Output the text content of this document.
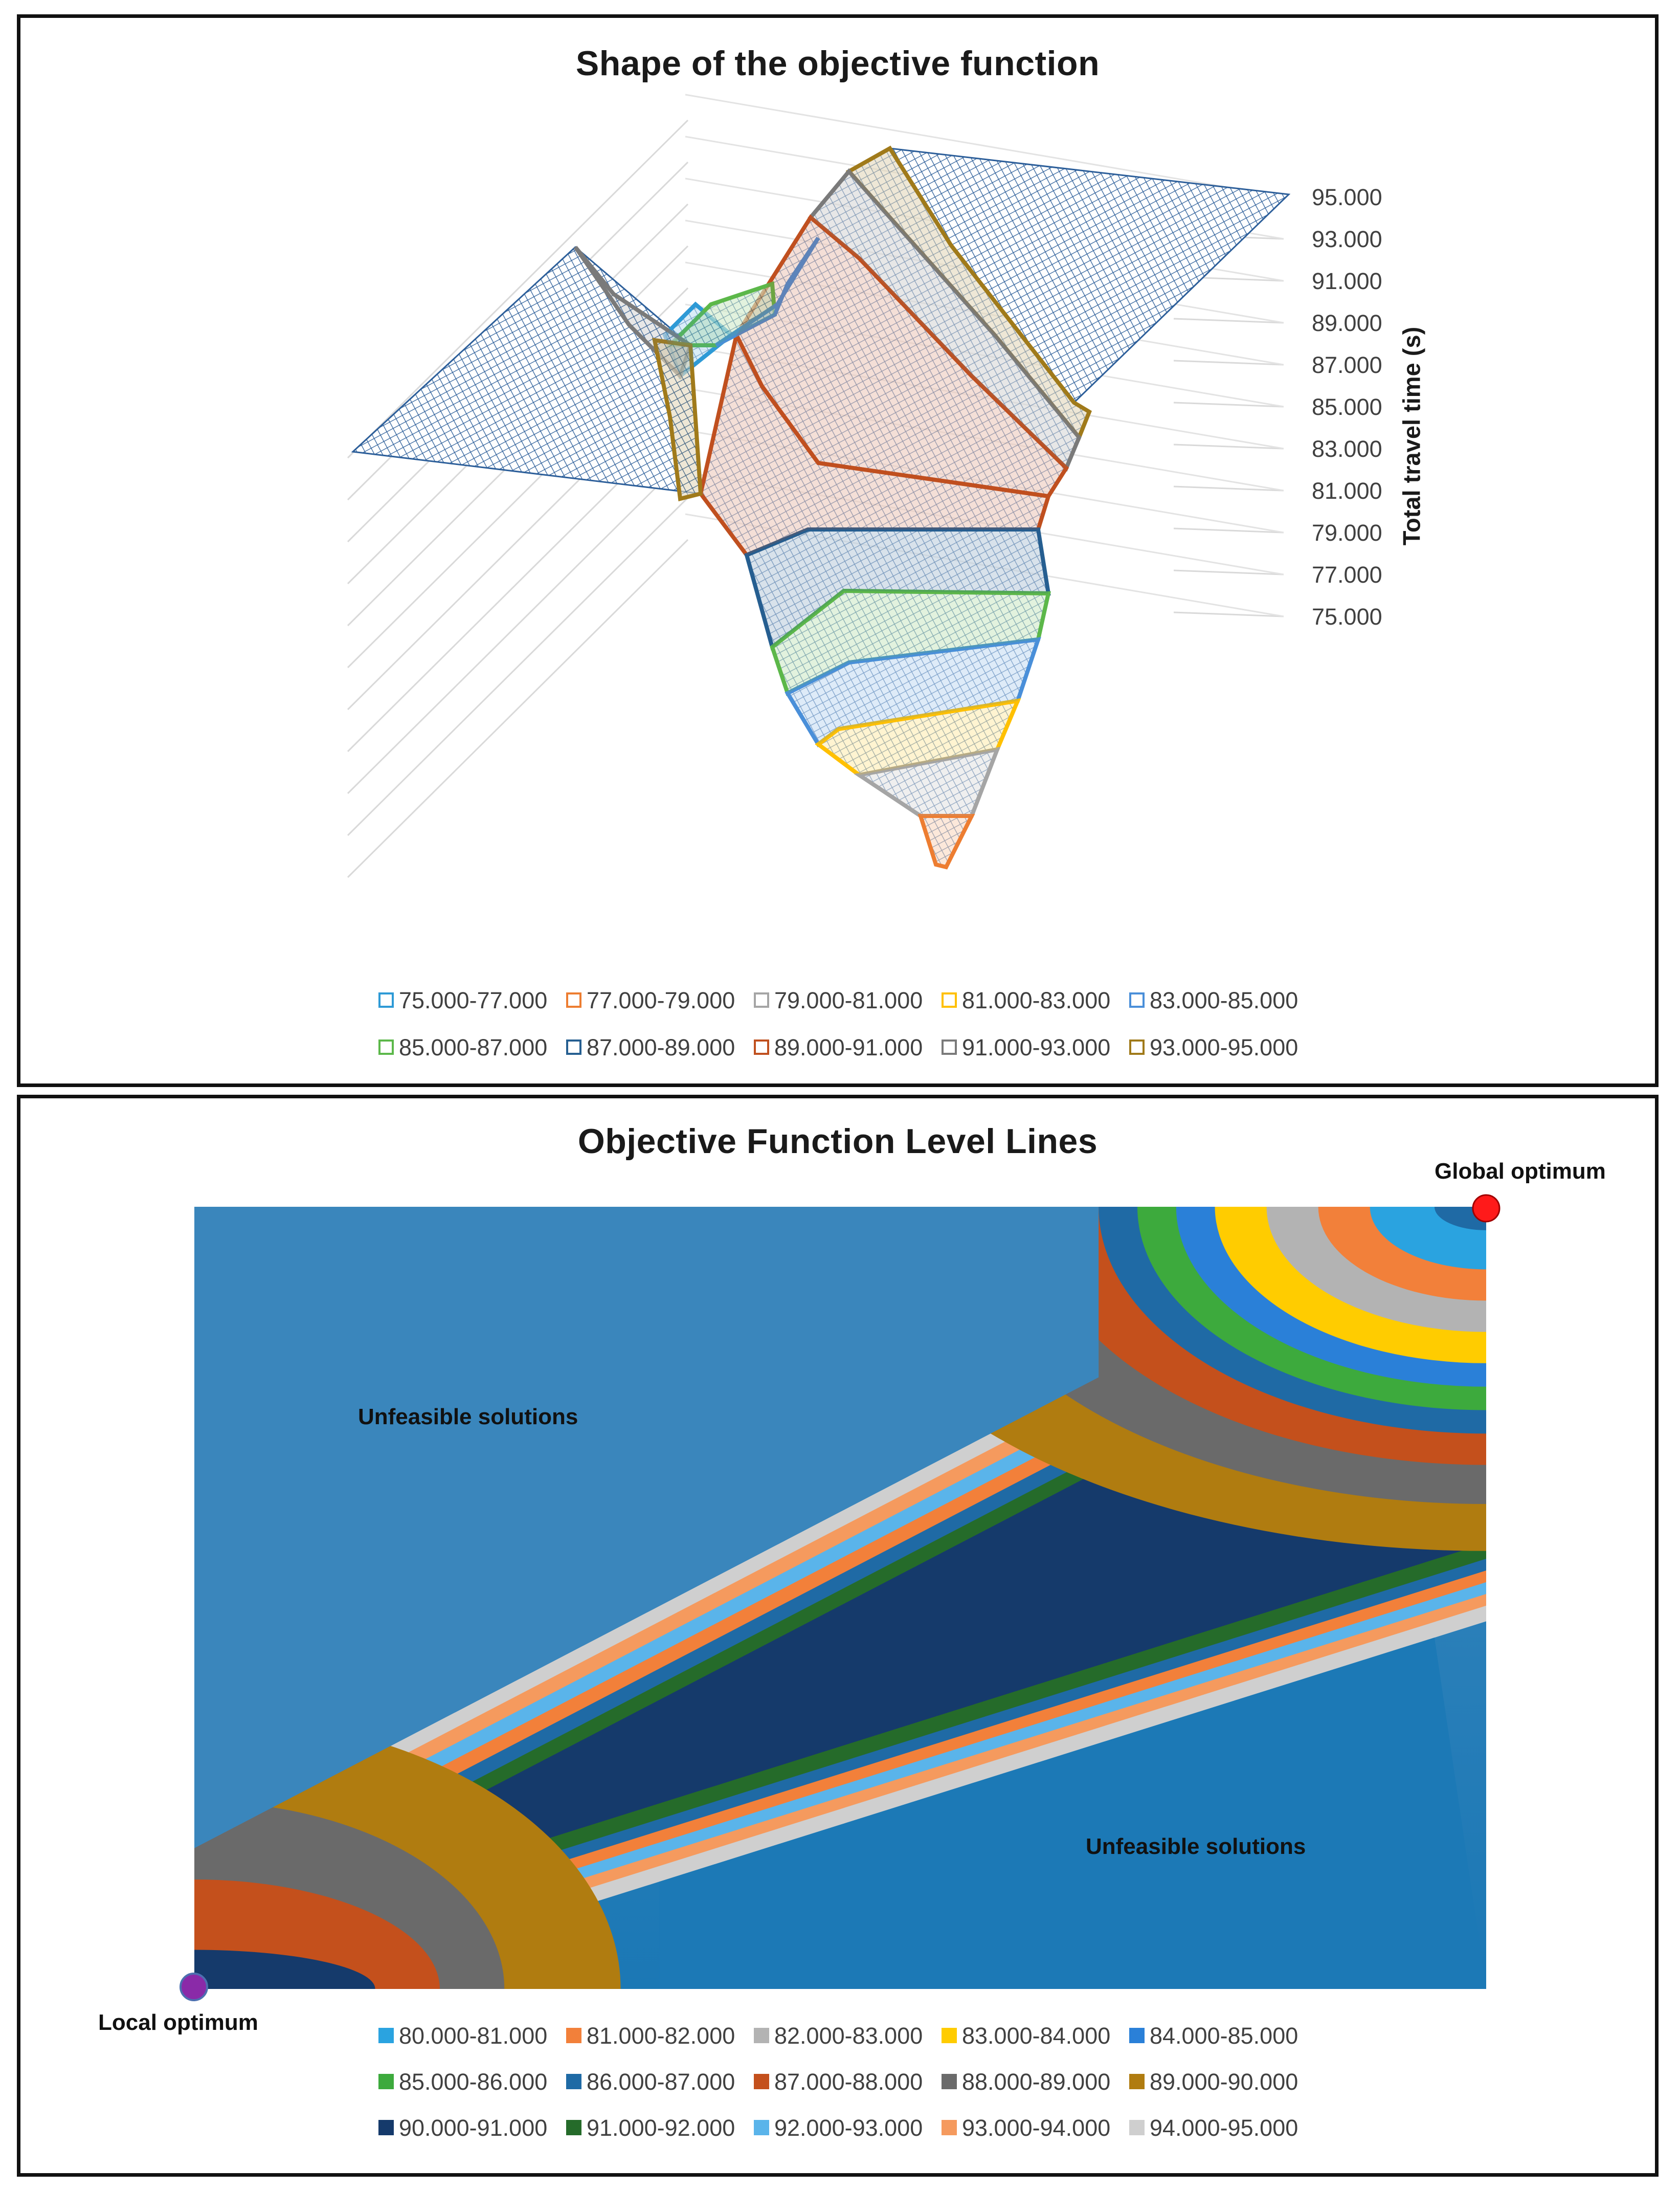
Shape of the objective function
95.000
93.000
91.000
89.000
87.000
85.000
83.000
81.000
79.000
77.000
75.000
Total travel time (s)
75.000-77.000	77.000-79.000	79.000-81.000	81.000-83.000	83.000-85.000
85.000-87.000	87.000-89.000	89.000-91.000	91.000-93.000	93.000-95.000
Objective Function Level Lines
Global optimum
Local optimum
Unfeasible solutions
Unfeasible solutions
80.000-81.000	81.000-82.000	82.000-83.000	83.000-84.000	84.000-85.000
85.000-86.000	86.000-87.000	87.000-88.000	88.000-89.000	89.000-90.000
90.000-91.000	91.000-92.000	92.000-93.000	93.000-94.000	94.000-95.000
